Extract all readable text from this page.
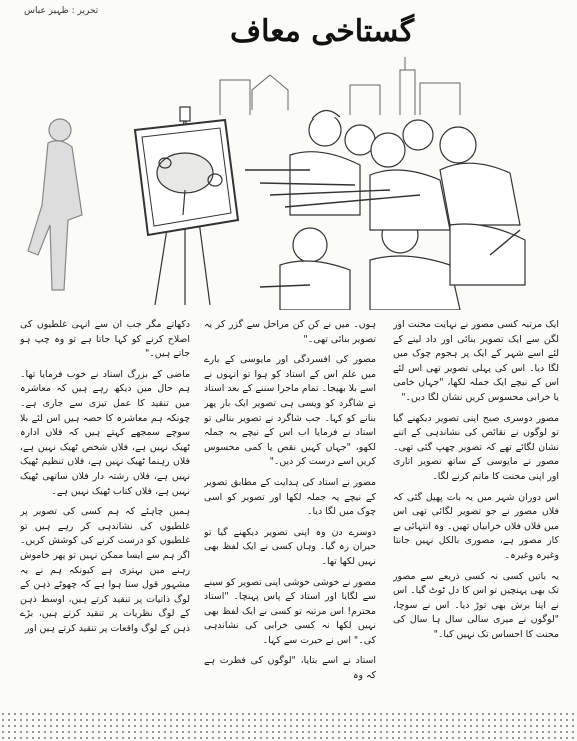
تحریر : ظہیر عباس
گستاخی معاف

ایک مرتبہ کسی مصور نے نہایت محنت اور لگن سے ایک تصویر بنائی اور داد لینے کے لئے اسے شہر کے ایک پر ہجوم چوک میں لگا دیا۔ اس کی پہلی تصویر تھی اس لئے اس کے نیچے ایک جملہ لکھا، "جہاں خامی یا خرابی محسوس کریں نشان لگا دیں۔"

مصور دوسری صبح اپنی تصویر دیکھنے گیا تو لوگوں نے نقائص کی نشاندہی کے اتنے نشان لگائے تھے کہ تصویر چھپ گئی تھی۔ مصور نے مایوسی کے ساتھ تصویر اتاری اور اپنی محنت کا ماتم کرنے لگا۔

اس دوران شہر میں یہ بات پھیل گئی کہ فلاں مصور نے جو تصویر لگائی تھی اس میں فلاں فلاں خرابیاں تھیں۔ وہ انتہائی بے کار مصور ہے، مصوری بالکل نہیں جانتا وغیرہ وغیرہ۔

یہ باتیں کسی نہ کسی ذریعے سے مصور تک بھی پہنچیں تو اس کا دل ٹوٹ گیا۔ اس نے اپنا برش بھی توڑ دیا۔ اس نے سوچا، "لوگوں نے میری سالی سال ہا سال کی محنت کا احساس تک نہیں کیا۔"

ہوں۔ میں نے کن کن مراحل سے گزر کر یہ تصویر بنائی تھی۔"

مصور کی افسردگی اور مایوسی کے بارے میں علم اس کے استاد کو ہوا تو انہوں نے اسے بلا بھیجا۔ تمام ماجرا سننے کے بعد استاد نے شاگرد کو ویسی ہی تصویر ایک بار پھر بنانے کو کہا۔ جب شاگرد نے تصویر بنالی تو استاد نے فرمایا اب اس کے نیچے یہ جملہ لکھو، "جہاں کہیں نقص یا کمی محسوس کریں اسے درست کر دیں۔"

مصور نے استاد کی ہدایت کے مطابق تصویر کے نیچے یہ جملہ لکھا اور تصویر کو اسی چوک میں لگا دیا۔

دوسرے دن وہ اپنی تصویر دیکھنے گیا تو حیران رہ گیا۔ وہاں کسی نے ایک لفظ بھی نہیں لکھا تھا۔

مصور نے خوشی خوشی اپنی تصویر کو سینے سے لگایا اور استاد کے پاس پہنچا۔ "استاد محترم! اس مرتبہ تو کسی نے ایک لفظ بھی نہیں لکھا نہ کسی خرابی کی نشاندہی کی۔" اس نے حیرت سے کہا۔

استاد نے اسے بتایا، "لوگوں کی فطرت ہے کہ وہ

دکھاتے مگر جب ان سے انہی غلطیوں کی اصلاح کرنے کو کہا جاتا ہے تو وہ چپ ہو جاتے ہیں۔"

ماضی کے بزرگ استاد نے خوب فرمایا تھا۔ ہم حال میں دیکھ رہے ہیں کہ معاشرہ میں تنقید کا عمل تیزی سے جاری ہے۔ چونکہ ہم معاشرہ کا حصہ ہیں اس لئے بلا سوچے سمجھے کہتے ہیں کہ فلاں ادارہ ٹھیک نہیں ہے، فلاں شخص ٹھیک نہیں ہے، فلاں رہنما ٹھیک نہیں ہے، فلاں تنظیم ٹھیک نہیں ہے، فلاں رشتہ دار فلاں ساتھی ٹھیک نہیں ہے، فلاں کتاب ٹھیک نہیں ہے۔

ہمیں چاہئے کہ ہم کسی کی تصویر پر غلطیوں کی نشاندہی کر رہے ہیں تو غلطیوں کو درست کرنے کی کوشش کریں۔ اگر ہم سے ایسا ممکن نہیں تو پھر خاموش رہنے میں بہتری ہے کیونکہ ہم نے یہ مشہور قول سنا ہوا ہے کہ چھوٹے ذہن کے لوگ ذاتیات پر تنقید کرتے ہیں، اوسط ذہن کے لوگ نظریات پر تنقید کرتے ہیں، بڑے ذہن کے لوگ واقعات پر تنقید کرتے ہیں اور
